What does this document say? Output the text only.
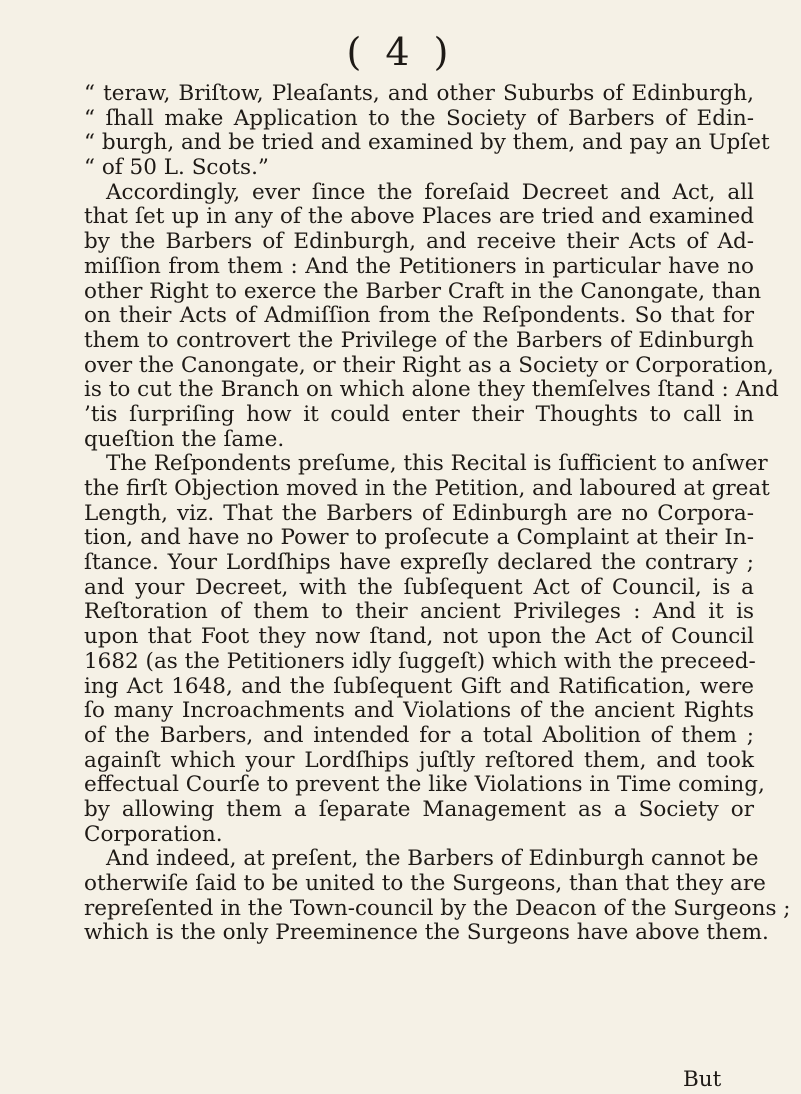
( 4 )
“ teraw, Briſtow, Pleaſants, and other Suburbs of Edinburgh,
“ ſhall make Application to the Society of Barbers of Edin-
“ burgh, and be tried and examined by them, and pay an Upſet
“ of 50 L. Scots.”
Accordingly, ever ſince the foreſaid Decreet and Act, all
that ſet up in any of the above Places are tried and examined
by the Barbers of Edinburgh, and receive their Acts of Ad-
miſſion from them : And the Petitioners in particular have no
other Right to exerce the Barber Craft in the Canongate, than
on their Acts of Admiſſion from the Reſpondents. So that for
them to controvert the Privilege of the Barbers of Edinburgh
over the Canongate, or their Right as a Society or Corporation,
is to cut the Branch on which alone they themſelves ſtand : And
’tis ſurpriſing how it could enter their Thoughts to call in
queſtion the ſame.
The Reſpondents preſume, this Recital is ſufficient to anſwer
the firſt Objection moved in the Petition, and laboured at great
Length, viz. That the Barbers of Edinburgh are no Corpora-
tion, and have no Power to proſecute a Complaint at their In-
ſtance. Your Lordſhips have expreſly declared the contrary ;
and your Decreet, with the ſubſequent Act of Council, is a
Reſtoration of them to their ancient Privileges : And it is
upon that Foot they now ſtand, not upon the Act of Council
1682 (as the Petitioners idly ſuggeſt) which with the preceed-
ing Act 1648, and the ſubſequent Gift and Ratification, were
ſo many Incroachments and Violations of the ancient Rights
of the Barbers, and intended for a total Abolition of them ;
againſt which your Lordſhips juſtly reſtored them, and took
effectual Courſe to prevent the like Violations in Time coming,
by allowing them a ſeparate Management as a Society or
Corporation.
And indeed, at preſent, the Barbers of Edinburgh cannot be
otherwiſe ſaid to be united to the Surgeons, than that they are
repreſented in the Town-council by the Deacon of the Surgeons ;
which is the only Preeminence the Surgeons have above them.
But
